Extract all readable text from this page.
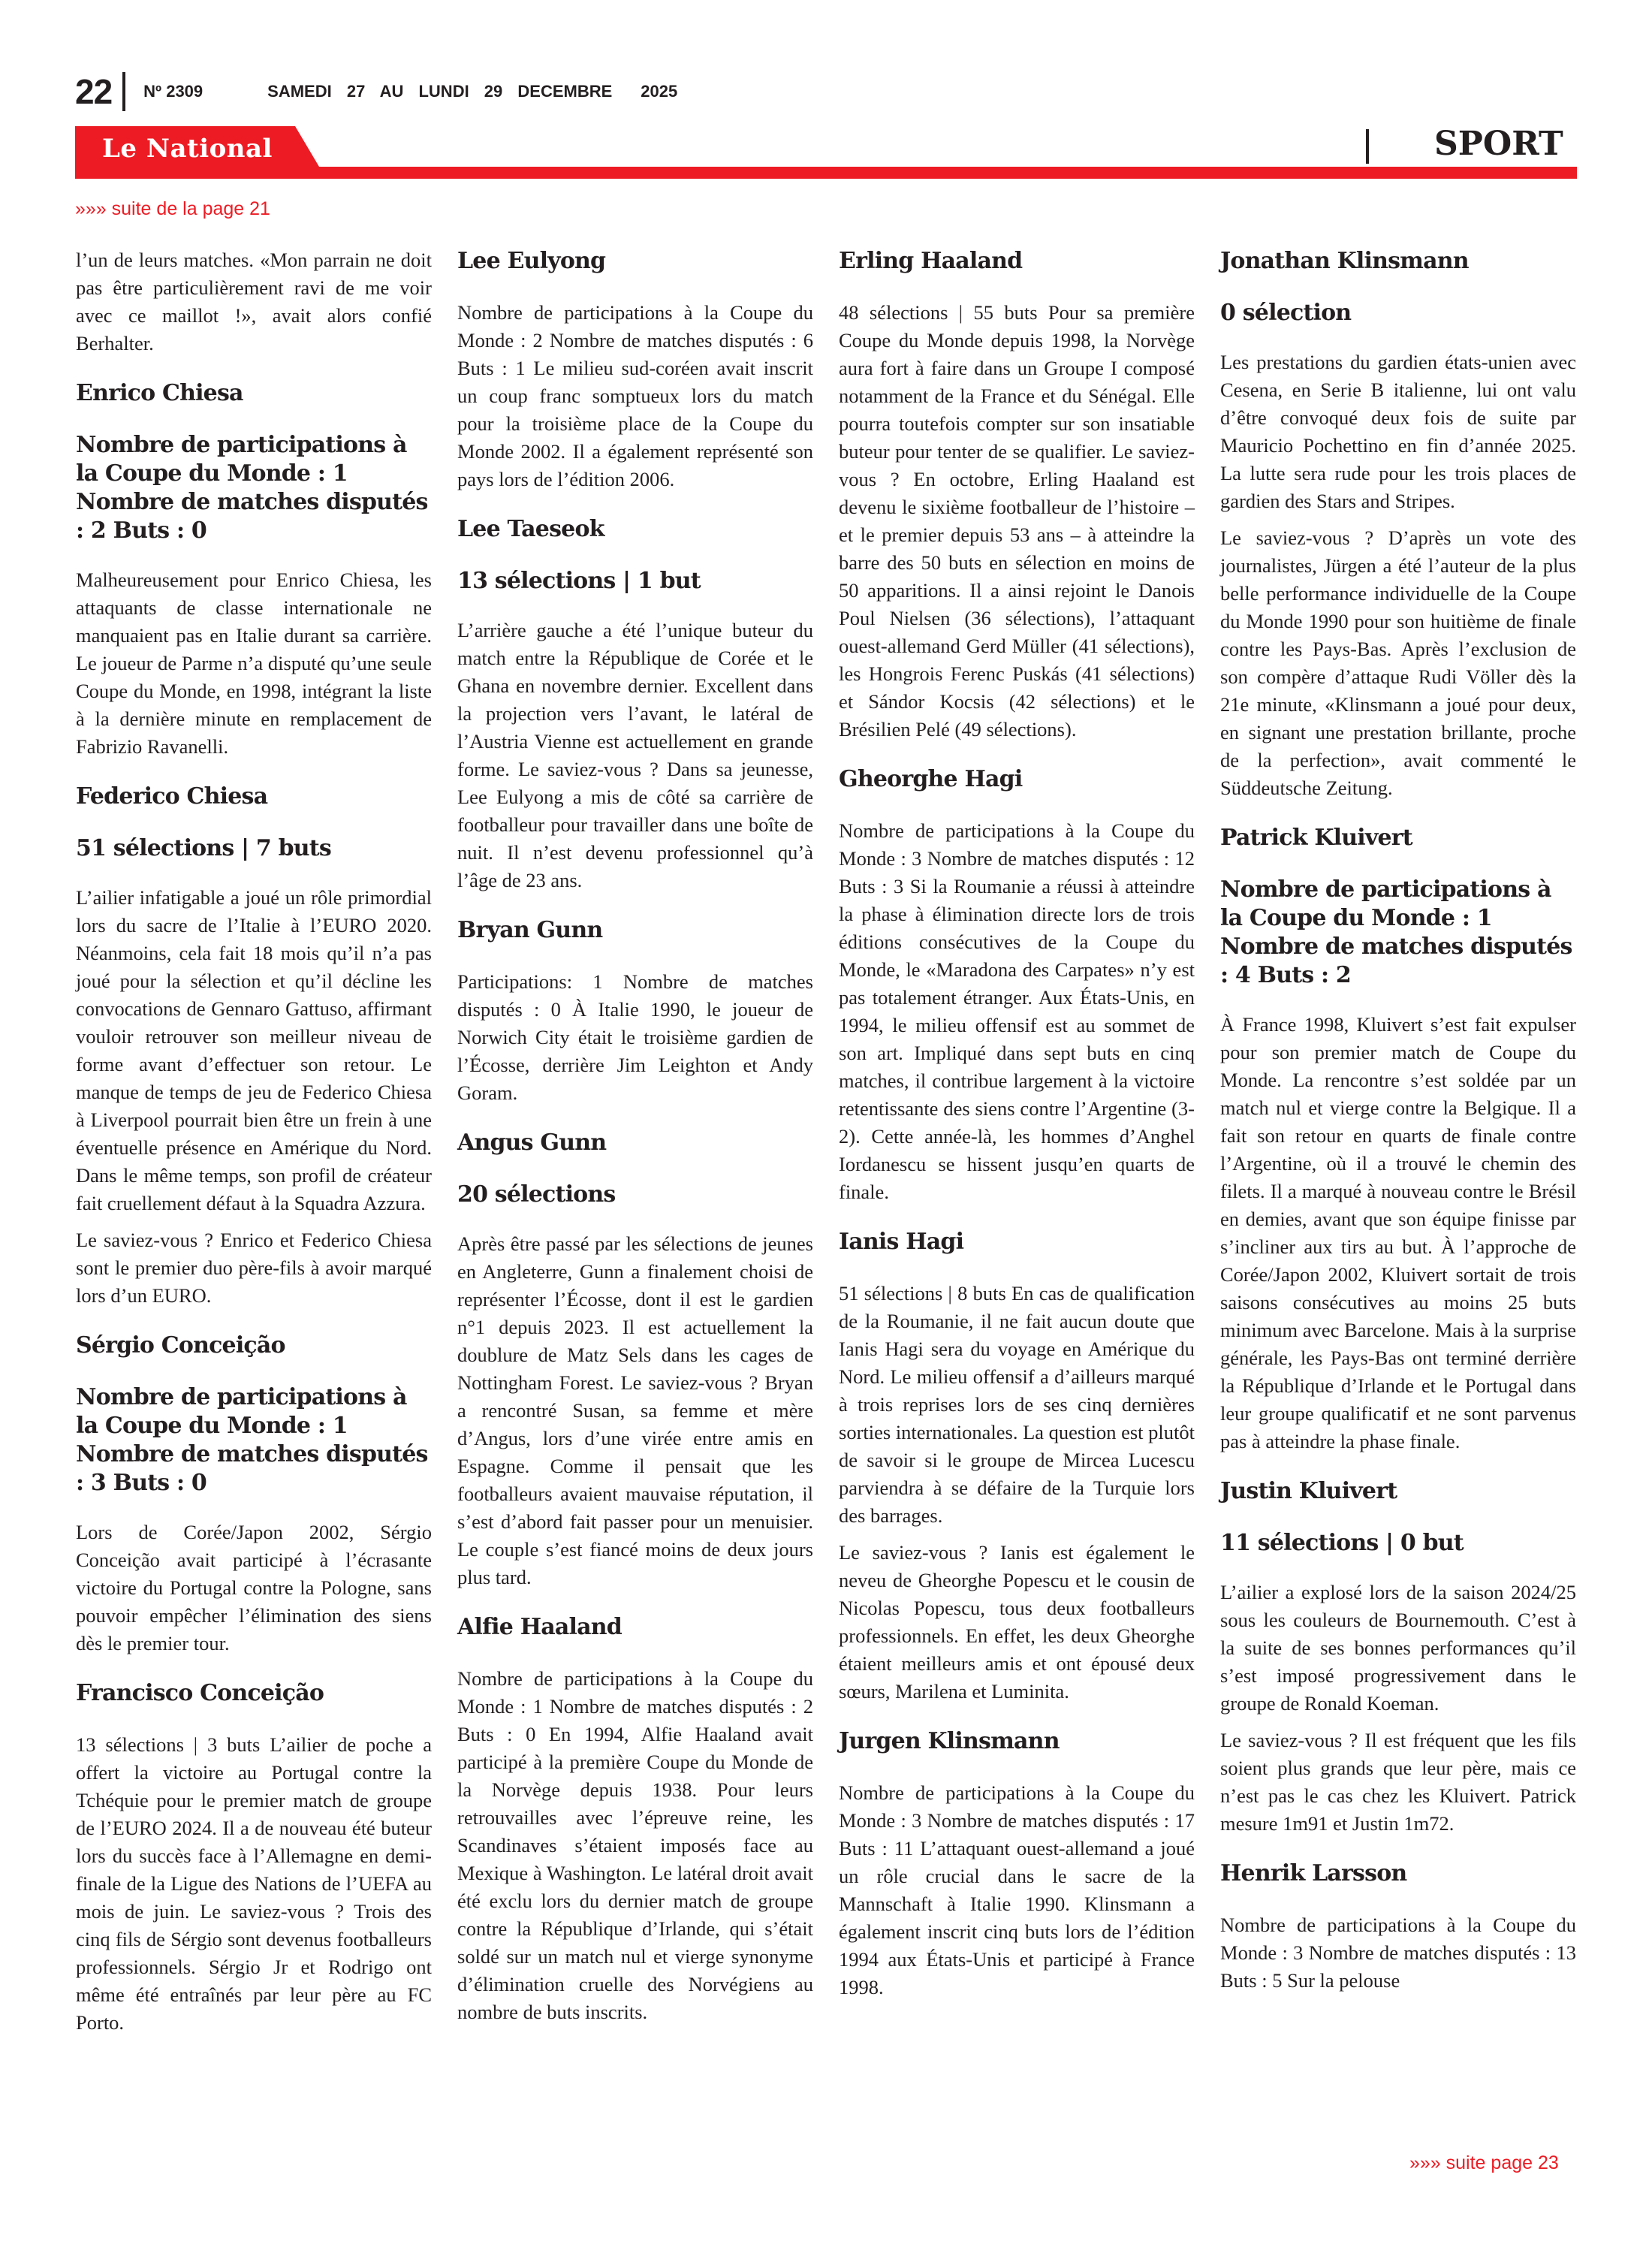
22 Nº 2309	SAMEDI 27 AU LUNDI 29 DECEMBRE 2025
Le National	SPORT
»»» suite de la page 21

l’un de leurs matches. «Mon parrain ne doit pas être particulièrement ravi de me voir avec ce maillot !», avait alors confié Berhalter.

Enrico Chiesa
Nombre de participations à la Coupe du Monde : 1 Nombre de matches disputés : 2 Buts : 0

Malheureusement pour Enrico Chiesa, les attaquants de classe internationale ne manquaient pas en Italie durant sa carrière. Le joueur de Parme n’a disputé qu’une seule Coupe du Monde, en 1998, intégrant la liste à la dernière minute en remplacement de Fabrizio Ravanelli.

Federico Chiesa
51 sélections | 7 buts

L’ailier infatigable a joué un rôle primordial lors du sacre de l’Italie à l’EURO 2020. Néanmoins, cela fait 18 mois qu’il n’a pas joué pour la sélection et qu’il décline les convocations de Gennaro Gattuso, affirmant vouloir retrouver son meilleur niveau de forme avant d’effectuer son retour. Le manque de temps de jeu de Federico Chiesa à Liverpool pourrait bien être un frein à une éventuelle présence en Amérique du Nord. Dans le même temps, son profil de créateur fait cruellement défaut à la Squadra Azzura.

Le saviez-vous ? Enrico et Federico Chiesa sont le premier duo père-fils à avoir marqué lors d’un EURO.

Sérgio Conceição
Nombre de participations à la Coupe du Monde : 1 Nombre de matches disputés : 3 Buts : 0

Lors de Corée/Japon 2002, Sérgio Conceição avait participé à l’écrasante victoire du Portugal contre la Pologne, sans pouvoir empêcher l’élimination des siens dès le premier tour.

Francisco Conceição

13 sélections | 3 buts L’ailier de poche a offert la victoire au Portugal contre la Tchéquie pour le premier match de groupe de l’EURO 2024. Il a de nouveau été buteur lors du succès face à l’Allemagne en demi-finale de la Ligue des Nations de l’UEFA au mois de juin. Le saviez-vous ? Trois des cinq fils de Sérgio sont devenus footballeurs professionnels. Sérgio Jr et Rodrigo ont même été entraînés par leur père au FC Porto.

Lee Eulyong

Nombre de participations à la Coupe du Monde : 2 Nombre de matches disputés : 6 Buts : 1 Le milieu sud-coréen avait inscrit un coup franc somptueux lors du match pour la troisième place de la Coupe du Monde 2002. Il a également représenté son pays lors de l’édition 2006.

Lee Taeseok
13 sélections | 1 but

L’arrière gauche a été l’unique buteur du match entre la République de Corée et le Ghana en novembre dernier. Excellent dans la projection vers l’avant, le latéral de l’Austria Vienne est actuellement en grande forme. Le saviez-vous ? Dans sa jeunesse, Lee Eulyong a mis de côté sa carrière de footballeur pour travailler dans une boîte de nuit. Il n’est devenu professionnel qu’à l’âge de 23 ans.

Bryan Gunn

Participations: 1 Nombre de matches disputés : 0 À Italie 1990, le joueur de Norwich City était le troisième gardien de l’Écosse, derrière Jim Leighton et Andy Goram.

Angus Gunn
20 sélections

Après être passé par les sélections de jeunes en Angleterre, Gunn a finalement choisi de représenter l’Écosse, dont il est le gardien n°1 depuis 2023. Il est actuellement la doublure de Matz Sels dans les cages de Nottingham Forest. Le saviez-vous ? Bryan a rencontré Susan, sa femme et mère d’Angus, lors d’une virée entre amis en Espagne. Comme il pensait que les footballeurs avaient mauvaise réputation, il s’est d’abord fait passer pour un menuisier. Le couple s’est fiancé moins de deux jours plus tard.

Alfie Haaland

Nombre de participations à la Coupe du Monde : 1 Nombre de matches disputés : 2 Buts : 0 En 1994, Alfie Haaland avait participé à la première Coupe du Monde de la Norvège depuis 1938. Pour leurs retrouvailles avec l’épreuve reine, les Scandinaves s’étaient imposés face au Mexique à Washington. Le latéral droit avait été exclu lors du dernier match de groupe contre la République d’Irlande, qui s’était soldé sur un match nul et vierge synonyme d’élimination cruelle des Norvégiens au nombre de buts inscrits.

Erling Haaland

48 sélections | 55 buts Pour sa première Coupe du Monde depuis 1998, la Norvège aura fort à faire dans un Groupe I composé notamment de la France et du Sénégal. Elle pourra toutefois compter sur son insatiable buteur pour tenter de se qualifier. Le saviez-vous ? En octobre, Erling Haaland est devenu le sixième footballeur de l’histoire – et le premier depuis 53 ans – à atteindre la barre des 50 buts en sélection en moins de 50 apparitions. Il a ainsi rejoint le Danois Poul Nielsen (36 sélections), l’attaquant ouest-allemand Gerd Müller (41 sélections), les Hongrois Ferenc Puskás (41 sélections) et Sándor Kocsis (42 sélections) et le Brésilien Pelé (49 sélections).

Gheorghe Hagi

Nombre de participations à la Coupe du Monde : 3 Nombre de matches disputés : 12 Buts : 3 Si la Roumanie a réussi à atteindre la phase à élimination directe lors de trois éditions consécutives de la Coupe du Monde, le «Maradona des Carpates» n’y est pas totalement étranger. Aux États-Unis, en 1994, le milieu offensif est au sommet de son art. Impliqué dans sept buts en cinq matches, il contribue largement à la victoire retentissante des siens contre l’Argentine (3-2). Cette année-là, les hommes d’Anghel Iordanescu se hissent jusqu’en quarts de finale.

Ianis Hagi

51 sélections | 8 buts En cas de qualification de la Roumanie, il ne fait aucun doute que Ianis Hagi sera du voyage en Amérique du Nord. Le milieu offensif a d’ailleurs marqué à trois reprises lors de ses cinq dernières sorties internationales. La question est plutôt de savoir si le groupe de Mircea Lucescu parviendra à se défaire de la Turquie lors des barrages.

Le saviez-vous ? Ianis est également le neveu de Gheorghe Popescu et le cousin de Nicolas Popescu, tous deux footballeurs professionnels. En effet, les deux Gheorghe étaient meilleurs amis et ont épousé deux sœurs, Marilena et Luminita.

Jurgen Klinsmann

Nombre de participations à la Coupe du Monde : 3 Nombre de matches disputés : 17 Buts : 11 L’attaquant ouest-allemand a joué un rôle crucial dans le sacre de la Mannschaft à Italie 1990. Klinsmann a également inscrit cinq buts lors de l’édition 1994 aux États-Unis et participé à France 1998.

Jonathan Klinsmann
0 sélection

Les prestations du gardien états-unien avec Cesena, en Serie B italienne, lui ont valu d’être convoqué deux fois de suite par Mauricio Pochettino en fin d’année 2025. La lutte sera rude pour les trois places de gardien des Stars and Stripes.

Le saviez-vous ? D’après un vote des journalistes, Jürgen a été l’auteur de la plus belle performance individuelle de la Coupe du Monde 1990 pour son huitième de finale contre les Pays-Bas. Après l’exclusion de son compère d’attaque Rudi Völler dès la 21e minute, «Klinsmann a joué pour deux, en signant une prestation brillante, proche de la perfection», avait commenté le Süddeutsche Zeitung.

Patrick Kluivert
Nombre de participations à la Coupe du Monde : 1 Nombre de matches disputés : 4 Buts : 2

À France 1998, Kluivert s’est fait expulser pour son premier match de Coupe du Monde. La rencontre s’est soldée par un match nul et vierge contre la Belgique. Il a fait son retour en quarts de finale contre l’Argentine, où il a trouvé le chemin des filets. Il a marqué à nouveau contre le Brésil en demies, avant que son équipe finisse par s’incliner aux tirs au but. À l’approche de Corée/Japon 2002, Kluivert sortait de trois saisons consécutives au moins 25 buts minimum avec Barcelone. Mais à la surprise générale, les Pays-Bas ont terminé derrière la République d’Irlande et le Portugal dans leur groupe qualificatif et ne sont parvenus pas à atteindre la phase finale.

Justin Kluivert
11 sélections | 0 but

L’ailier a explosé lors de la saison 2024/25 sous les couleurs de Bournemouth. C’est à la suite de ses bonnes performances qu’il s’est imposé progressivement dans le groupe de Ronald Koeman.

Le saviez-vous ? Il est fréquent que les fils soient plus grands que leur père, mais ce n’est pas le cas chez les Kluivert. Patrick mesure 1m91 et Justin 1m72.

Henrik Larsson

Nombre de participations à la Coupe du Monde : 3 Nombre de matches disputés : 13 Buts : 5 Sur la pelouse

»»» suite page 23
